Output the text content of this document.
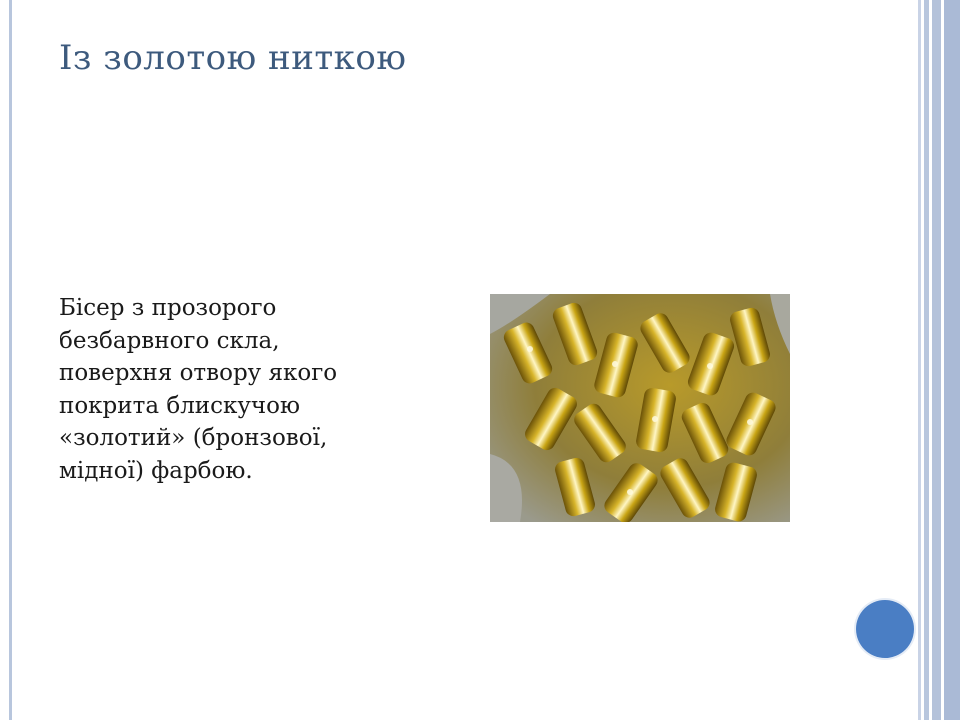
Із золотою ниткою
Бісер з прозорого
безбарвного скла,
поверхня отвору якого
покрита блискучою
«золотий» (бронзової,
мідної) фарбою.
